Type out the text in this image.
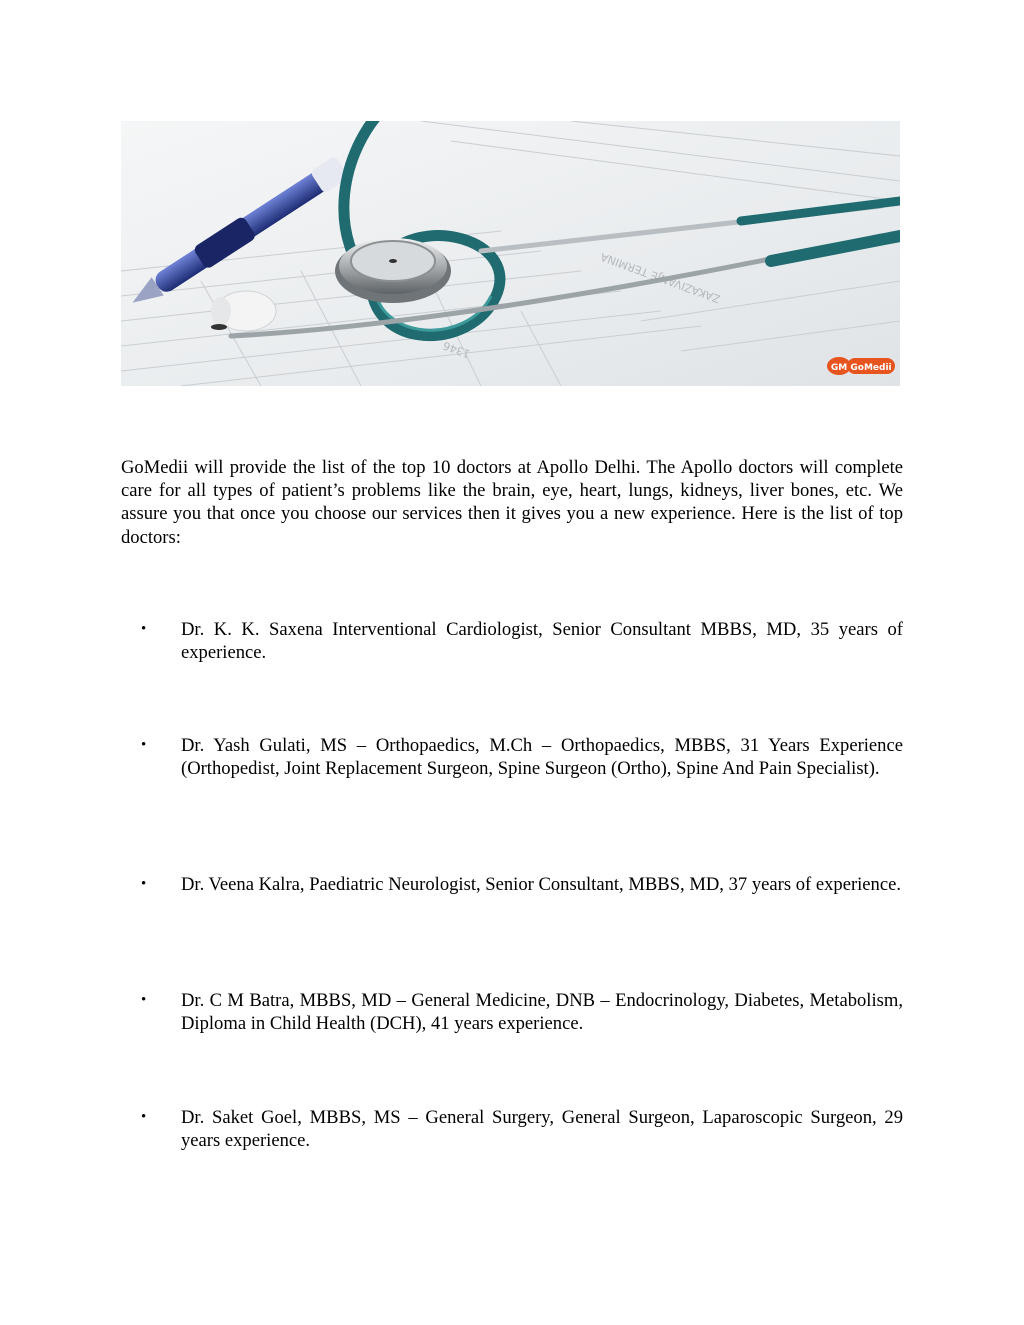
ZAKAZIVANJE TERMINA
1346
GM GoMedii

GoMedii will provide the list of the top 10 doctors at Apollo Delhi. The Apollo doctors will complete care for all types of patient’s problems like the brain, eye, heart, lungs, kidneys, liver bones, etc. We assure you that once you choose our services then it gives you a new experience. Here is the list of top doctors:

•	Dr. K. K. Saxena Interventional Cardiologist, Senior Consultant MBBS, MD, 35 years of experience.
•	Dr. Yash Gulati, MS – Orthopaedics, M.Ch – Orthopaedics, MBBS, 31 Years Experience (Orthopedist, Joint Replacement Surgeon, Spine Surgeon (Ortho), Spine And Pain Specialist).
•	Dr. Veena Kalra, Paediatric Neurologist, Senior Consultant, MBBS, MD, 37 years of experience.
•	Dr. C M Batra, MBBS, MD – General Medicine, DNB – Endocrinology, Diabetes, Metabolism, Diploma in Child Health (DCH), 41 years experience.
•	Dr. Saket Goel, MBBS, MS – General Surgery, General Surgeon, Laparoscopic Surgeon, 29 years experience.
